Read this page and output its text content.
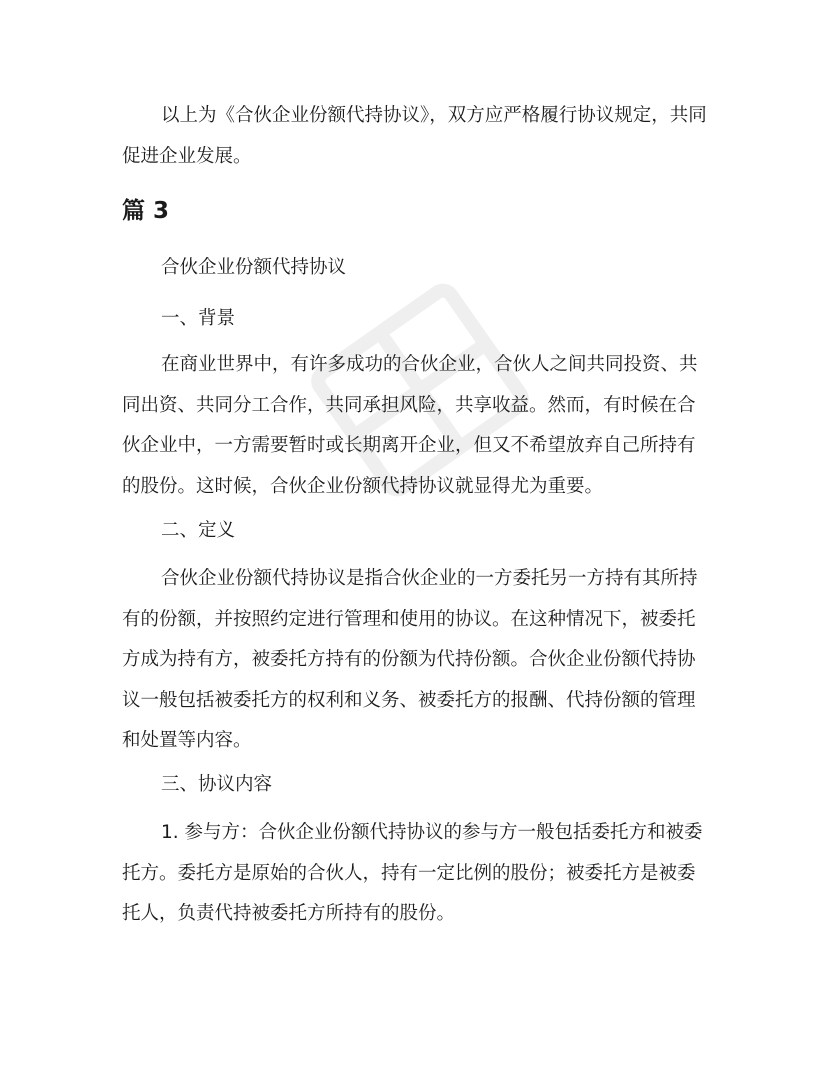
以上为《合伙企业份额代持协议》，双方应严格履行协议规定，共同促进企业发展。

篇 3

合伙企业份额代持协议

一、背景

在商业世界中，有许多成功的合伙企业，合伙人之间共同投资、共同出资、共同分工合作，共同承担风险，共享收益。然而，有时候在合伙企业中，一方需要暂时或长期离开企业，但又不希望放弃自己所持有的股份。这时候，合伙企业份额代持协议就显得尤为重要。

二、定义

合伙企业份额代持协议是指合伙企业的一方委托另一方持有其所持有的份额，并按照约定进行管理和使用的协议。在这种情况下，被委托方成为持有方，被委托方持有的份额为代持份额。合伙企业份额代持协议一般包括被委托方的权利和义务、被委托方的报酬、代持份额的管理和处置等内容。

三、协议内容

1. 参与方：合伙企业份额代持协议的参与方一般包括委托方和被委托方。委托方是原始的合伙人，持有一定比例的股份；被委托方是被委托人，负责代持被委托方所持有的股份。
